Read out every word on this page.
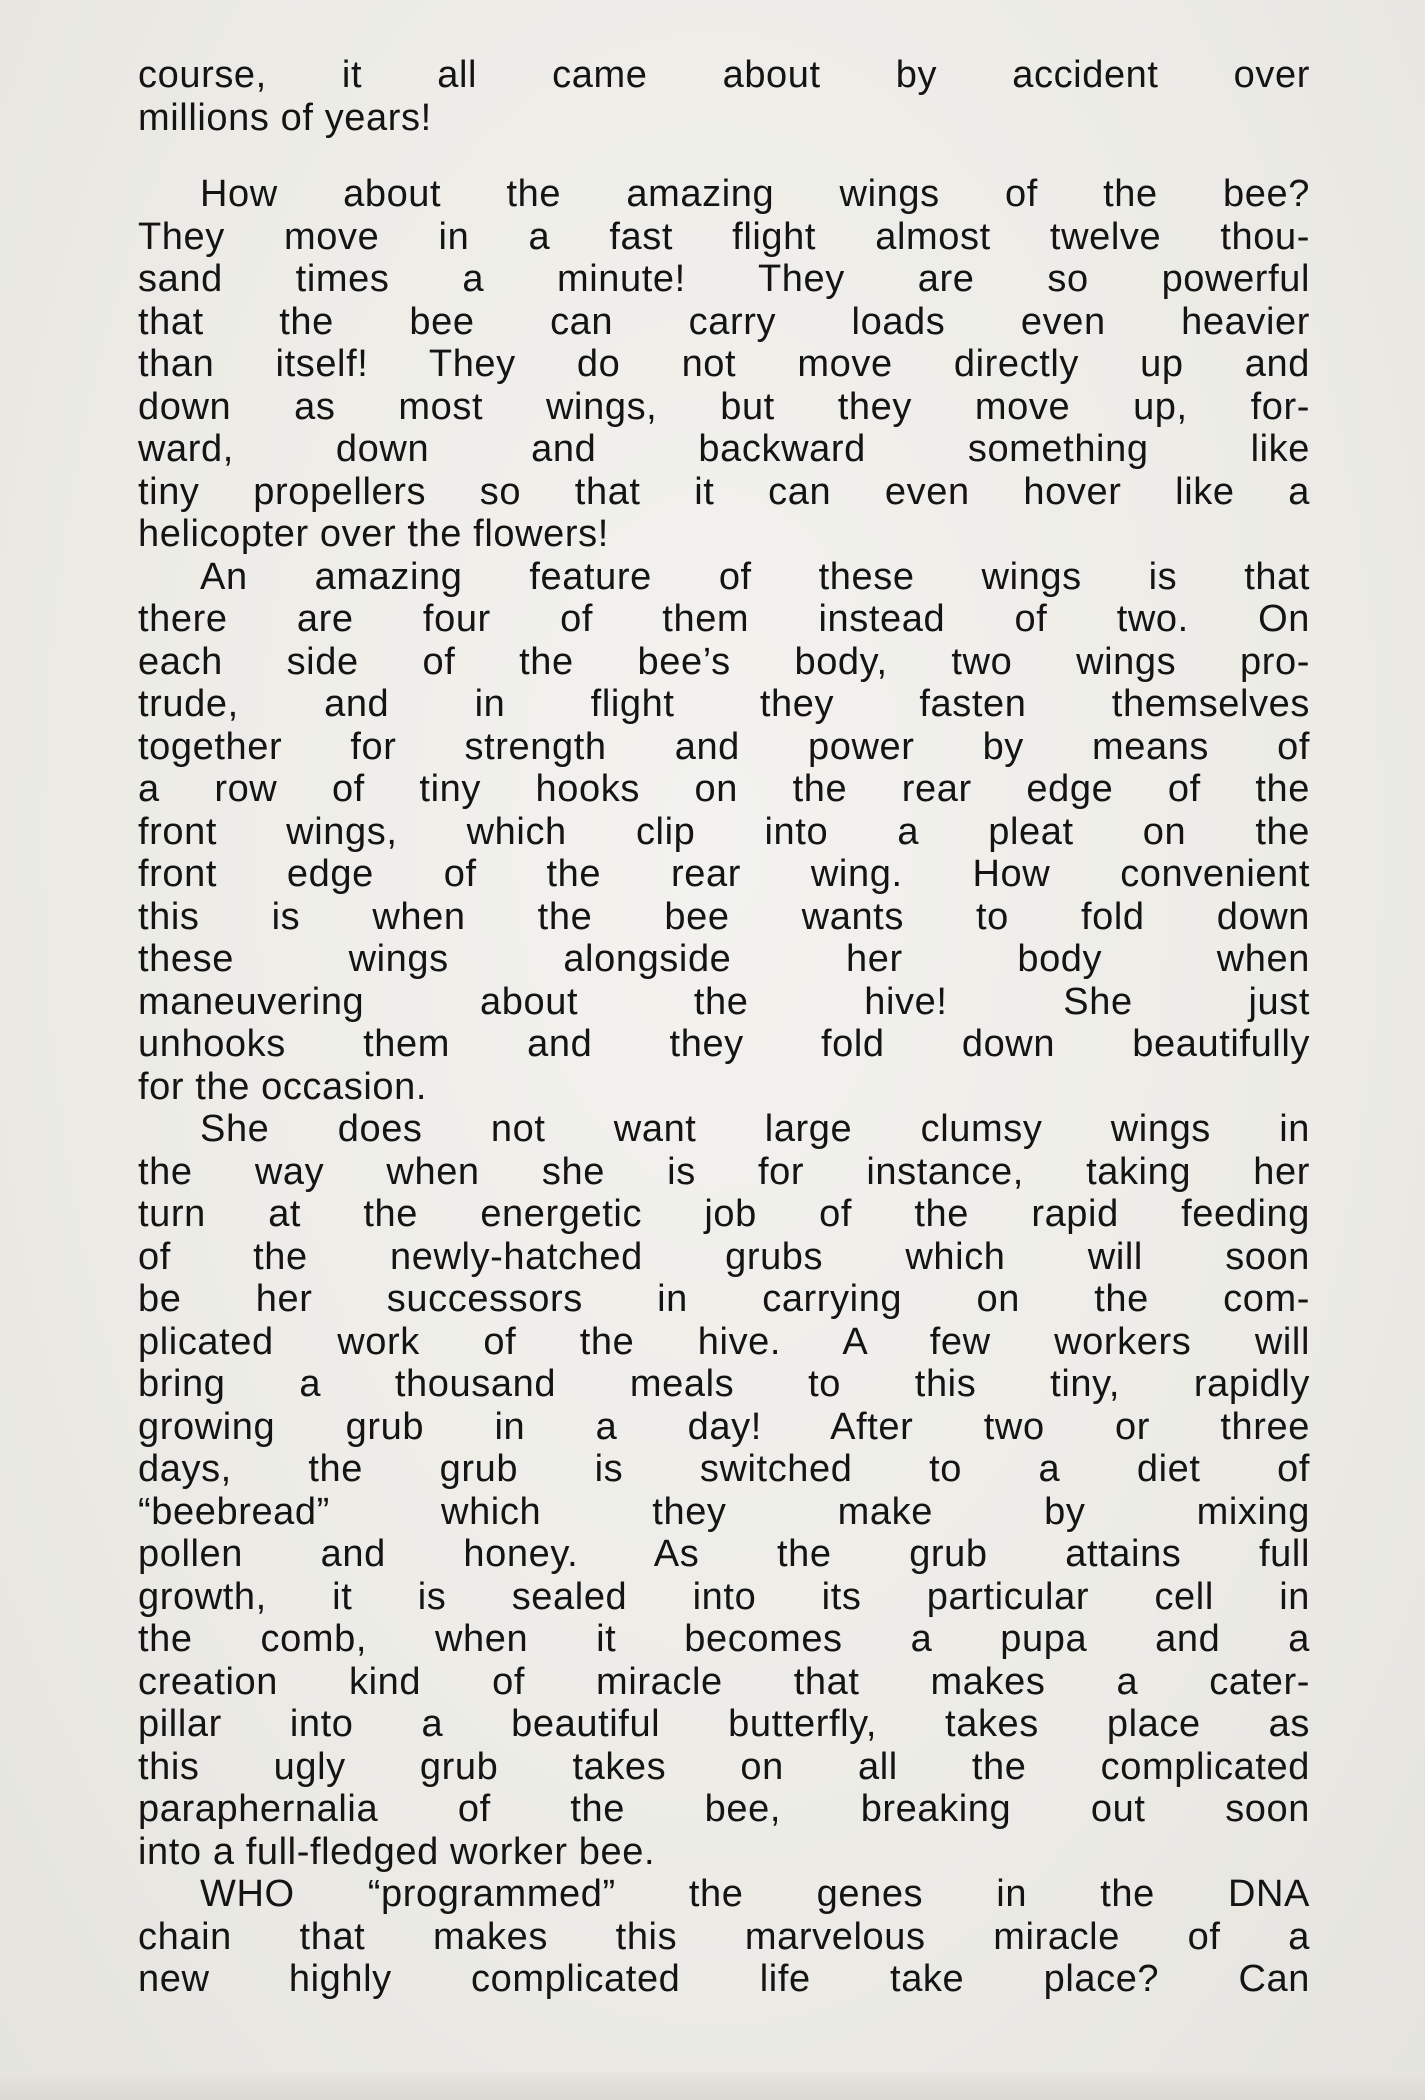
course, it all came about by accident over
millions of years!
How about the amazing wings of the bee?
They move in a fast flight almost twelve thou-
sand times a minute! They are so powerful
that the bee can carry loads even heavier
than itself! They do not move directly up and
down as most wings, but they move up, for-
ward, down and backward something like
tiny propellers so that it can even hover like a
helicopter over the flowers!
An amazing feature of these wings is that
there are four of them instead of two. On
each side of the bee’s body, two wings pro-
trude, and in flight they fasten themselves
together for strength and power by means of
a row of tiny hooks on the rear edge of the
front wings, which clip into a pleat on the
front edge of the rear wing. How convenient
this is when the bee wants to fold down
these wings alongside her body when
maneuvering about the hive! She just
unhooks them and they fold down beautifully
for the occasion.
She does not want large clumsy wings in
the way when she is for instance, taking her
turn at the energetic job of the rapid feeding
of the newly-hatched grubs which will soon
be her successors in carrying on the com-
plicated work of the hive. A few workers will
bring a thousand meals to this tiny, rapidly
growing grub in a day! After two or three
days, the grub is switched to a diet of
“beebread” which they make by mixing
pollen and honey. As the grub attains full
growth, it is sealed into its particular cell in
the comb, when it becomes a pupa and a
creation kind of miracle that makes a cater-
pillar into a beautiful butterfly, takes place as
this ugly grub takes on all the complicated
paraphernalia of the bee, breaking out soon
into a full-fledged worker bee.
WHO “programmed” the genes in the DNA
chain that makes this marvelous miracle of a
new highly complicated life take place? Can
